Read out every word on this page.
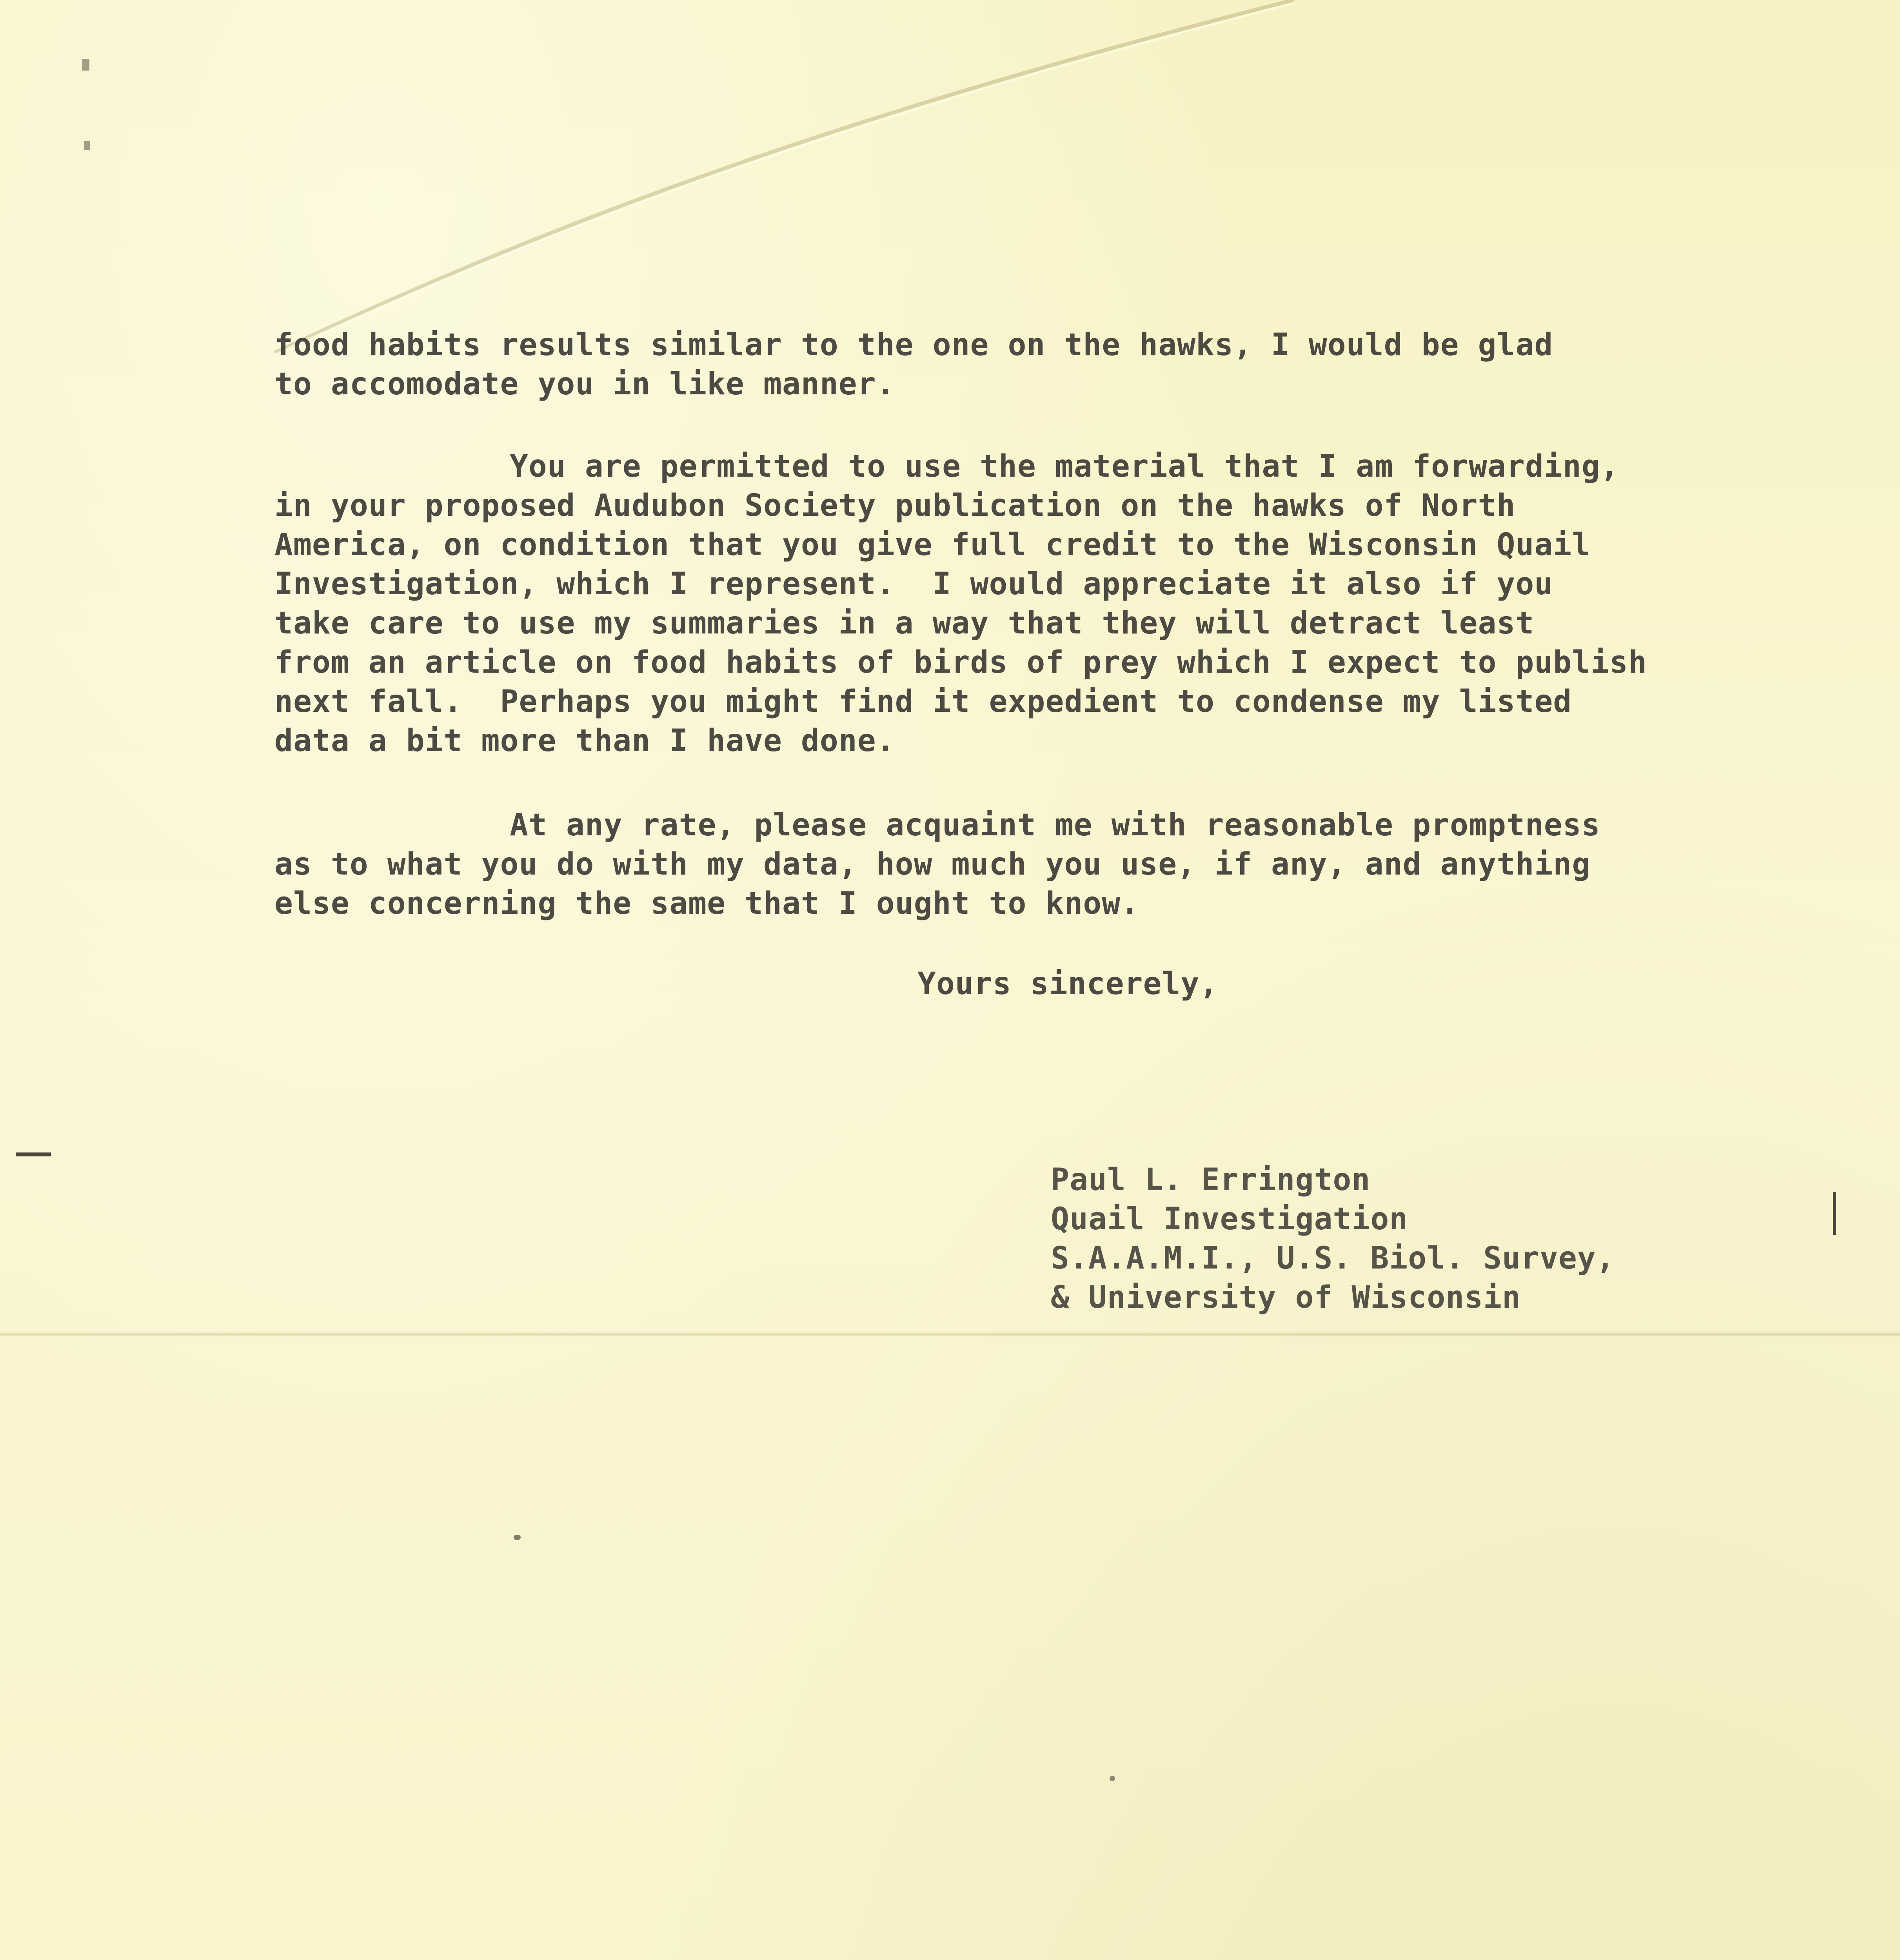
food habits results similar to the one on the hawks, I would be glad
to accomodate you in like manner.
You are permitted to use the material that I am forwarding,
in your proposed Audubon Society publication on the hawks of North
America, on condition that you give full credit to the Wisconsin Quail
Investigation, which I represent.  I would appreciate it also if you
take care to use my summaries in a way that they will detract least
from an article on food habits of birds of prey which I expect to publish
next fall.  Perhaps you might find it expedient to condense my listed
data a bit more than I have done.
At any rate, please acquaint me with reasonable promptness
as to what you do with my data, how much you use, if any, and anything
else concerning the same that I ought to know.
Yours sincerely,
Paul L. Errington
Quail Investigation
S.A.A.M.I., U.S. Biol. Survey,
& University of Wisconsin
